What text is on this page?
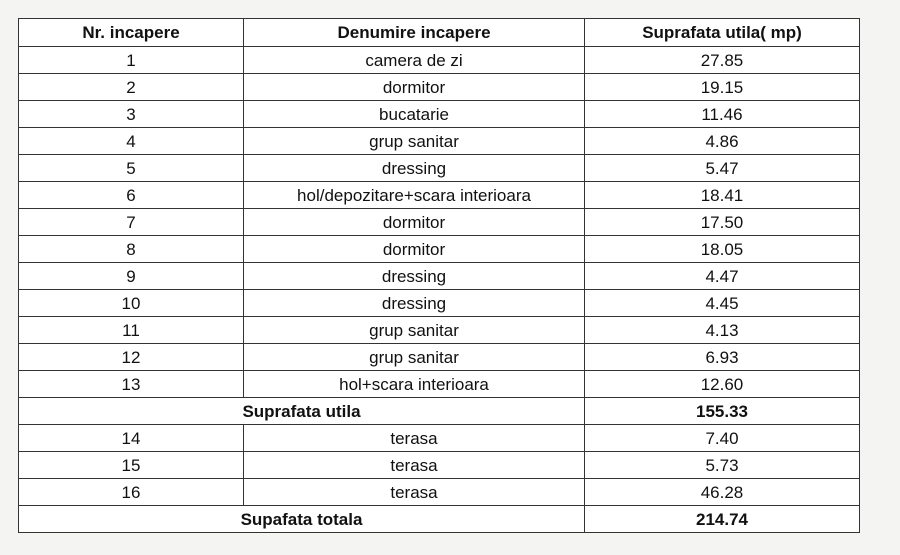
Nr. incapere	Denumire incapere	Suprafata utila( mp)
1	camera de zi	27.85
2	dormitor	19.15
3	bucatarie	11.46
4	grup sanitar	4.86
5	dressing	5.47
6	hol/depozitare+scara interioara	18.41
7	dormitor	17.50
8	dormitor	18.05
9	dressing	4.47
10	dressing	4.45
11	grup sanitar	4.13
12	grup sanitar	6.93
13	hol+scara interioara	12.60
Suprafata utila		155.33
14	terasa	7.40
15	terasa	5.73
16	terasa	46.28
Supafata totala		214.74
